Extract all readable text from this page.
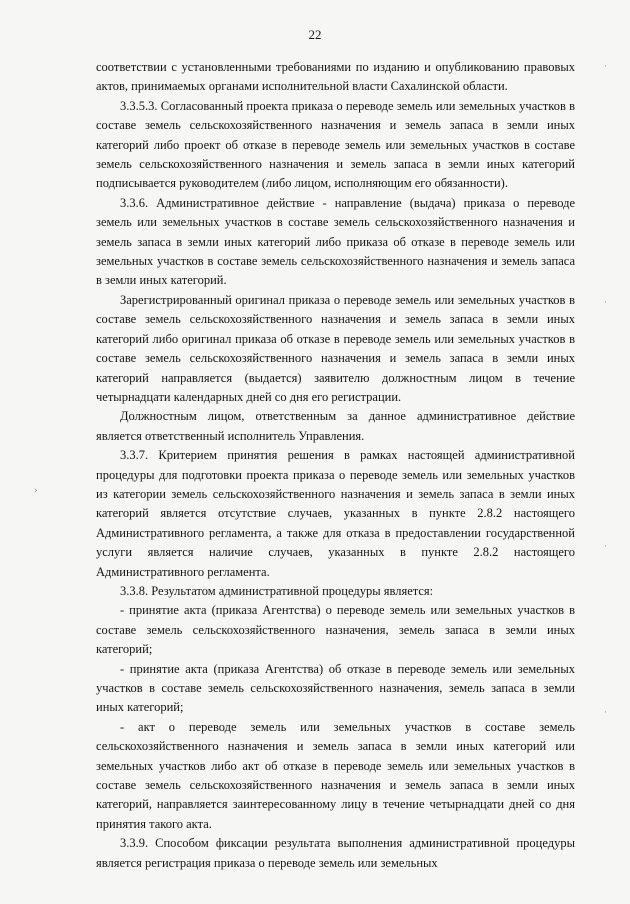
22

соответствии с установленными требованиями по изданию и опубликованию правовых актов, принимаемых органами исполнительной власти Сахалинской области.

3.3.5.3. Согласованный проекта приказа о переводе земель или земельных участков в составе земель сельскохозяйственного назначения и земель запаса в земли иных категорий либо проект об отказе в переводе земель или земельных участков в составе земель сельскохозяйственного назначения и земель запаса в земли иных категорий подписывается руководителем (либо лицом, исполняющим его обязанности).

3.3.6. Административное действие - направление (выдача) приказа о переводе земель или земельных участков в составе земель сельскохозяйственного назначения и земель запаса в земли иных категорий либо приказа об отказе в переводе земель или земельных участков в составе земель сельскохозяйственного назначения и земель запаса в земли иных категорий.

Зарегистрированный оригинал приказа о переводе земель или земельных участков в составе земель сельскохозяйственного назначения и земель запаса в земли иных категорий либо оригинал приказа об отказе в переводе земель или земельных участков в составе земель сельскохозяйственного назначения и земель запаса в земли иных категорий направляется (выдается) заявителю должностным лицом в течение четырнадцати календарных дней со дня его регистрации.

Должностным лицом, ответственным за данное административное действие является ответственный исполнитель Управления.

3.3.7. Критерием принятия решения в рамках настоящей административной процедуры для подготовки проекта приказа о переводе земель или земельных участков из категории земель сельскохозяйственного назначения и земель запаса в земли иных категорий является отсутствие случаев, указанных в пункте 2.8.2 настоящего Административного регламента, а также для отказа в предоставлении государственной услуги является наличие случаев, указанных в пункте 2.8.2 настоящего Административного регламента.

3.3.8. Результатом административной процедуры является:

- принятие акта (приказа Агентства) о переводе земель или земельных участков в составе земель сельскохозяйственного назначения, земель запаса в земли иных категорий;

- принятие акта (приказа Агентства) об отказе в переводе земель или земельных участков в составе земель сельскохозяйственного назначения, земель запаса в земли иных категорий;

- акт о переводе земель или земельных участков в составе земель сельскохозяйственного назначения и земель запаса в земли иных категорий или земельных участков либо акт об отказе в переводе земель или земельных участков в составе земель сельскохозяйственного назначения и земель запаса в земли иных категорий, направляется заинтересованному лицу в течение четырнадцати дней со дня принятия такого акта.

3.3.9. Способом фиксации результата выполнения административной процедуры является регистрация приказа о переводе земель или земельных

›
·
·
·
·
